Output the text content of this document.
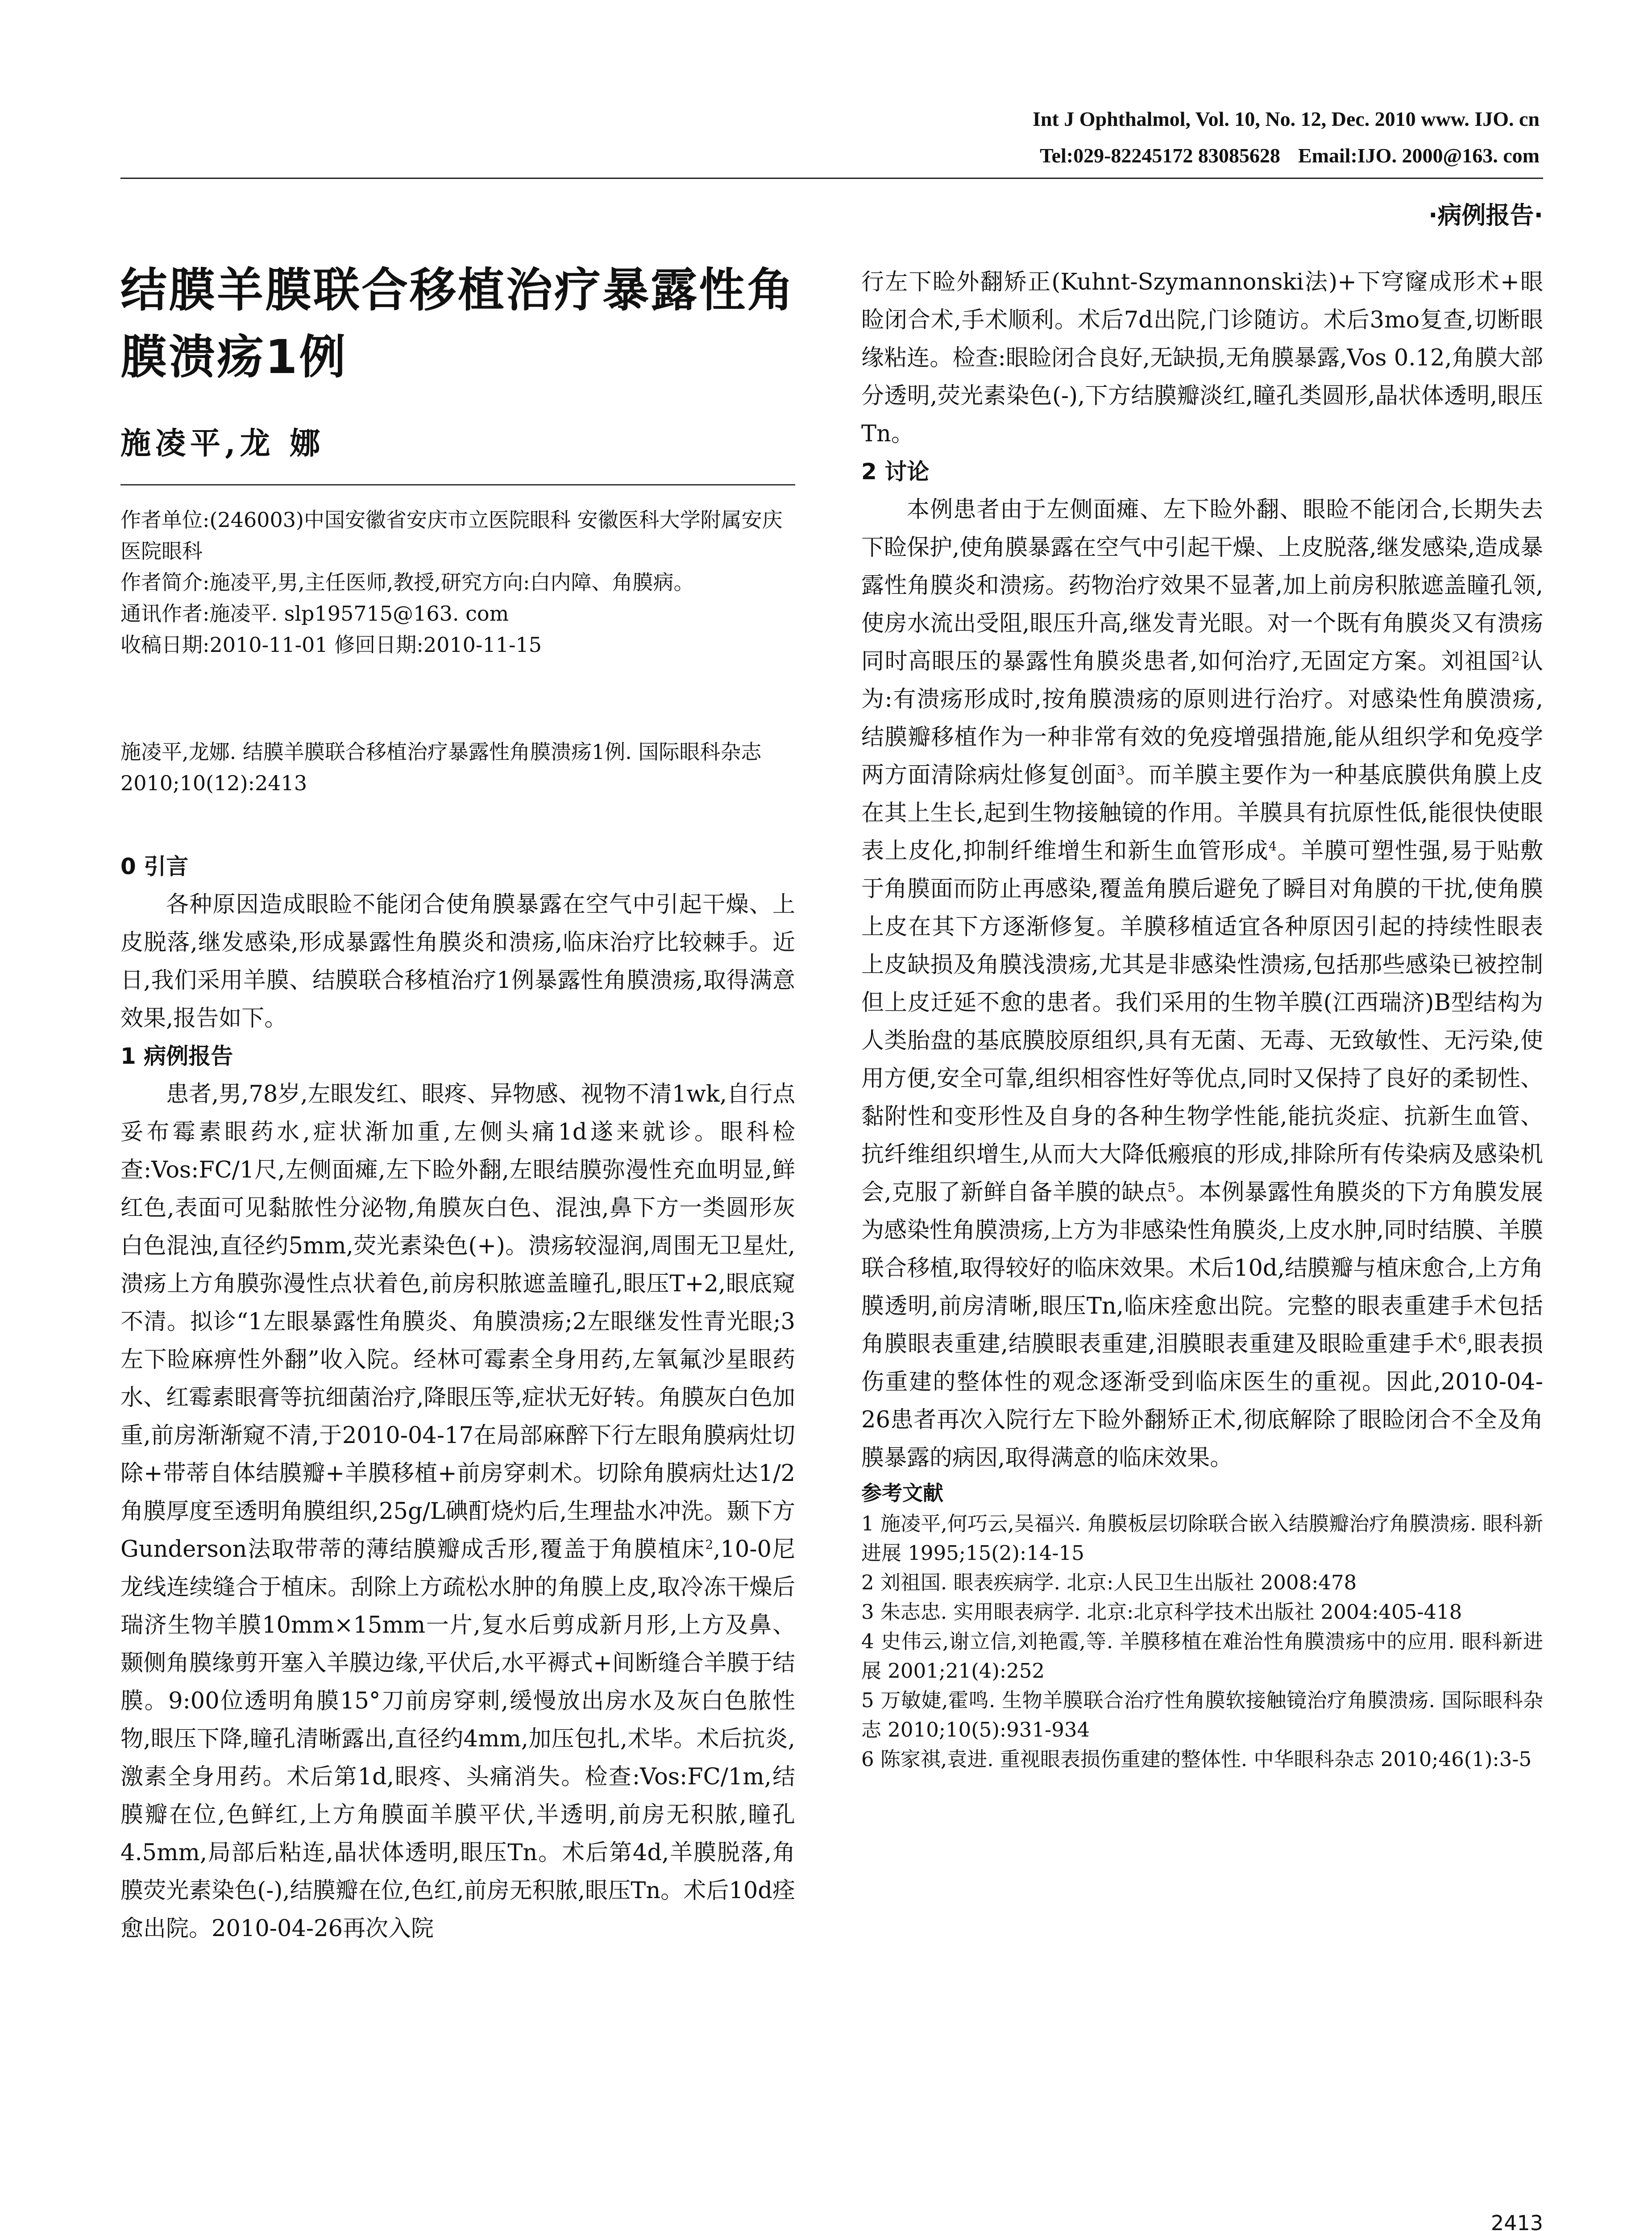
Int J Ophthalmol, Vol. 10, No. 12, Dec. 2010 www. IJO. cn
Tel:029-82245172 83085628 Email:IJO. 2000@163. com
·病例报告·
结膜羊膜联合移植治疗暴露性角膜溃疡1例
施凌平,龙 娜

作者单位:(246003)中国安徽省安庆市立医院眼科 安徽医科大学附属安庆医院眼科

作者简介:施凌平,男,主任医师,教授,研究方向:白内障、角膜病。

通讯作者:施凌平. slp195715@163. com

收稿日期:2010-11-01 修回日期:2010-11-15

施凌平,龙娜. 结膜羊膜联合移植治疗暴露性角膜溃疡1例. 国际眼科杂志 2010;10(12):2413

0 引言

各种原因造成眼睑不能闭合使角膜暴露在空气中引起干燥、上皮脱落,继发感染,形成暴露性角膜炎和溃疡,临床治疗比较棘手。近日,我们采用羊膜、结膜联合移植治疗1例暴露性角膜溃疡,取得满意效果,报告如下。

1 病例报告

患者,男,78岁,左眼发红、眼疼、异物感、视物不清1wk,自行点妥布霉素眼药水,症状渐加重,左侧头痛1d遂来就诊。眼科检查:Vos:FC/1尺,左侧面瘫,左下睑外翻,左眼结膜弥漫性充血明显,鲜红色,表面可见黏脓性分泌物,角膜灰白色、混浊,鼻下方一类圆形灰白色混浊,直径约5mm,荧光素染色(+)。溃疡较湿润,周围无卫星灶,溃疡上方角膜弥漫性点状着色,前房积脓遮盖瞳孔,眼压T+2,眼底窥不清。拟诊“1左眼暴露性角膜炎、角膜溃疡;2左眼继发性青光眼;3左下睑麻痹性外翻”收入院。经林可霉素全身用药,左氧氟沙星眼药水、红霉素眼膏等抗细菌治疗,降眼压等,症状无好转。角膜灰白色加重,前房渐渐窥不清,于2010-04-17在局部麻醉下行左眼角膜病灶切除+带蒂自体结膜瓣+羊膜移植+前房穿刺术。切除角膜病灶达1/2角膜厚度至透明角膜组织,25g/L碘酊烧灼后,生理盐水冲洗。颞下方Gunderson法取带蒂的薄结膜瓣成舌形,覆盖于角膜植床$^2$,10-0尼龙线连续缝合于植床。刮除上方疏松水肿的角膜上皮,取冷冻干燥后瑞济生物羊膜10mm×15mm一片,复水后剪成新月形,上方及鼻、颞侧角膜缘剪开塞入羊膜边缘,平伏后,水平褥式+间断缝合羊膜于结膜。9:00位透明角膜15°刀前房穿刺,缓慢放出房水及灰白色脓性物,眼压下降,瞳孔清晰露出,直径约4mm,加压包扎,术毕。术后抗炎,激素全身用药。术后第1d,眼疼、头痛消失。检查:Vos:FC/1m,结膜瓣在位,色鲜红,上方角膜面羊膜平伏,半透明,前房无积脓,瞳孔4.5mm,局部后粘连,晶状体透明,眼压Tn。术后第4d,羊膜脱落,角膜荧光素染色(-),结膜瓣在位,色红,前房无积脓,眼压Tn。术后10d痊愈出院。2010-04-26再次入院

行左下睑外翻矫正(Kuhnt-Szymannonski法)+下穹窿成形术+眼睑闭合术,手术顺利。术后7d出院,门诊随访。术后3mo复查,切断眼缘粘连。检查:眼睑闭合良好,无缺损,无角膜暴露,Vos 0.12,角膜大部分透明,荧光素染色(-),下方结膜瓣淡红,瞳孔类圆形,晶状体透明,眼压Tn。

2 讨论

本例患者由于左侧面瘫、左下睑外翻、眼睑不能闭合,长期失去下睑保护,使角膜暴露在空气中引起干燥、上皮脱落,继发感染,造成暴露性角膜炎和溃疡。药物治疗效果不显著,加上前房积脓遮盖瞳孔领,使房水流出受阻,眼压升高,继发青光眼。对一个既有角膜炎又有溃疡同时高眼压的暴露性角膜炎患者,如何治疗,无固定方案。刘祖国$^2$认为:有溃疡形成时,按角膜溃疡的原则进行治疗。对感染性角膜溃疡,结膜瓣移植作为一种非常有效的免疫增强措施,能从组织学和免疫学两方面清除病灶修复创面$^3$。而羊膜主要作为一种基底膜供角膜上皮在其上生长,起到生物接触镜的作用。羊膜具有抗原性低,能很快使眼表上皮化,抑制纤维增生和新生血管形成$^4$。羊膜可塑性强,易于贴敷于角膜面而防止再感染,覆盖角膜后避免了瞬目对角膜的干扰,使角膜上皮在其下方逐渐修复。羊膜移植适宜各种原因引起的持续性眼表上皮缺损及角膜浅溃疡,尤其是非感染性溃疡,包括那些感染已被控制但上皮迁延不愈的患者。我们采用的生物羊膜(江西瑞济)B型结构为人类胎盘的基底膜胶原组织,具有无菌、无毒、无致敏性、无污染,使用方便,安全可靠,组织相容性好等优点,同时又保持了良好的柔韧性、黏附性和变形性及自身的各种生物学性能,能抗炎症、抗新生血管、抗纤维组织增生,从而大大降低瘢痕的形成,排除所有传染病及感染机会,克服了新鲜自备羊膜的缺点$^5$。本例暴露性角膜炎的下方角膜发展为感染性角膜溃疡,上方为非感染性角膜炎,上皮水肿,同时结膜、羊膜联合移植,取得较好的临床效果。术后10d,结膜瓣与植床愈合,上方角膜透明,前房清晰,眼压Tn,临床痊愈出院。完整的眼表重建手术包括角膜眼表重建,结膜眼表重建,泪膜眼表重建及眼睑重建手术$^6$,眼表损伤重建的整体性的观念逐渐受到临床医生的重视。因此,2010-04-26患者再次入院行左下睑外翻矫正术,彻底解除了眼睑闭合不全及角膜暴露的病因,取得满意的临床效果。

参考文献

1 施凌平,何巧云,吴福兴. 角膜板层切除联合嵌入结膜瓣治疗角膜溃疡. 眼科新进展 1995;15(2):14-15

2 刘祖国. 眼表疾病学. 北京:人民卫生出版社 2008:478

3 朱志忠. 实用眼表病学. 北京:北京科学技术出版社 2004:405-418

4 史伟云,谢立信,刘艳霞,等. 羊膜移植在难治性角膜溃疡中的应用. 眼科新进展 2001;21(4):252

5 万敏婕,霍鸣. 生物羊膜联合治疗性角膜软接触镜治疗角膜溃疡. 国际眼科杂志 2010;10(5):931-934

6 陈家祺,袁进. 重视眼表损伤重建的整体性. 中华眼科杂志 2010;46(1):3-5

2413
